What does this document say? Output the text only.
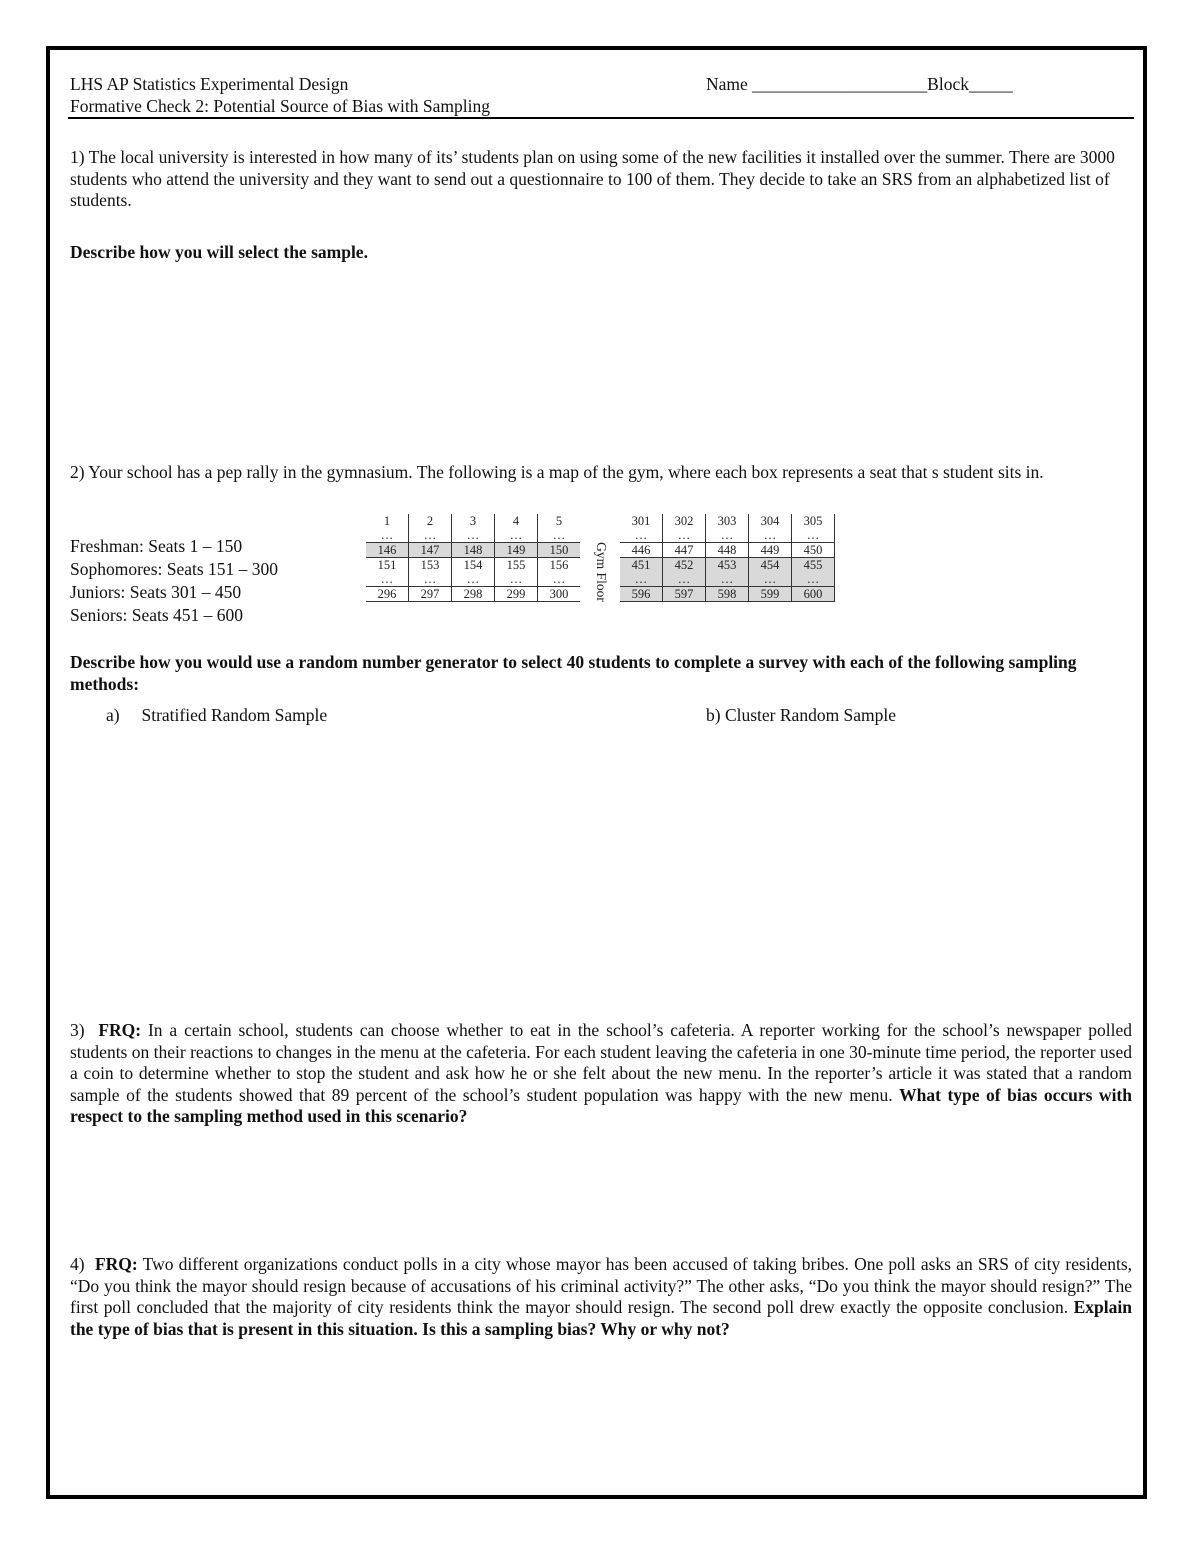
LHS AP Statistics Experimental Design
Formative Check 2: Potential Source of Bias with Sampling
Name ____________________Block_____
1) The local university is interested in how many of its’ students plan on using some of the new facilities it installed over the summer. There are 3000 students who attend the university and they want to send out a questionnaire to 100 of them. They decide to take an SRS from an alphabetized list of students.
Describe how you will select the sample.
2) Your school has a pep rally in the gymnasium. The following is a map of the gym, where each box represents a seat that s student sits in.
Freshman: Seats 1 – 150
Sophomores: Seats 151 – 300
Juniors: Seats 301 – 450
Seniors: Seats 451 – 600
1	2	3	4	5
…	…	…	…	…
146	147	148	149	150
151	153	154	155	156
…	…	…	…	…
296	297	298	299	300 Gym Floor
301	302	303	304	305
…	…	…	…	…
446	447	448	449	450
451	452	453	454	455
…	…	…	…	…
596	597	598	599	600
Describe how you would use a random number generator to select 40 students to complete a survey with each of the following sampling methods:
a)     Stratified Random Sample	b) Cluster Random Sample
3)  FRQ: In a certain school, students can choose whether to eat in the school’s cafeteria. A reporter working for the school’s newspaper polled students on their reactions to changes in the menu at the cafeteria. For each student leaving the cafeteria in one 30-minute time period, the reporter used a coin to determine whether to stop the student and ask how he or she felt about the new menu. In the reporter’s article it was stated that a random sample of the students showed that 89 percent of the school’s student population was happy with the new menu. What type of bias occurs with respect to the sampling method used in this scenario?
4)  FRQ: Two different organizations conduct polls in a city whose mayor has been accused of taking bribes. One poll asks an SRS of city residents, “Do you think the mayor should resign because of accusations of his criminal activity?” The other asks, “Do you think the mayor should resign?” The first poll concluded that the majority of city residents think the mayor should resign. The second poll drew exactly the opposite conclusion. Explain the type of bias that is present in this situation. Is this a sampling bias? Why or why not?
